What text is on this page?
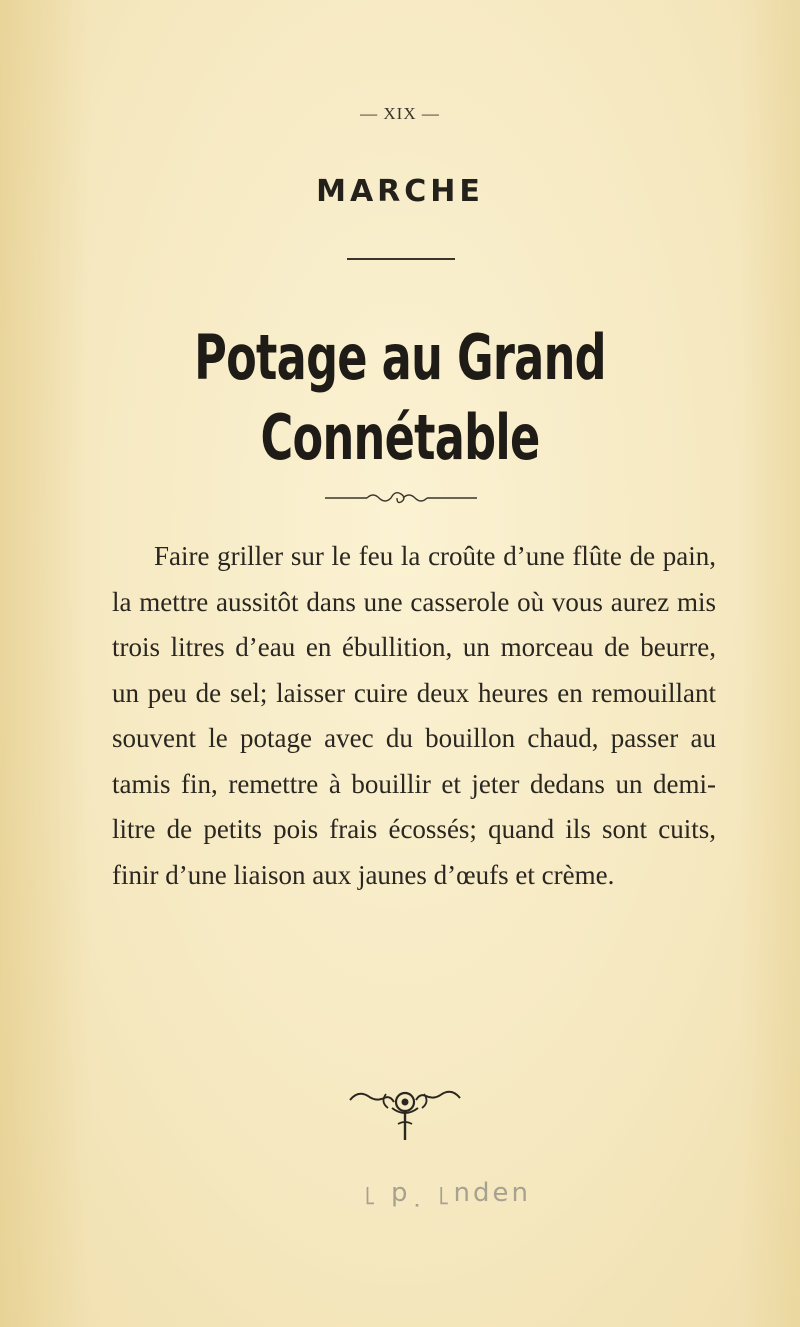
— XIX —
MARCHE
Potage au Grand Connétable
Faire griller sur le feu la croûte d’une flûte de pain, la mettre aussitôt dans une casserole où vous aurez mis trois litres d’eau en ébullition, un morceau de beurre, un peu de sel; laisser cuire deux heures en remouillant souvent le potage avec du bouillon chaud, passer au tamis fin, remettre à bouillir et jeter dedans un demi-litre de petits pois frais écossés; quand ils sont cuits, finir d’une liaison aux jaunes d’œufs et crème.
uəpu˥ ˙d ˥
